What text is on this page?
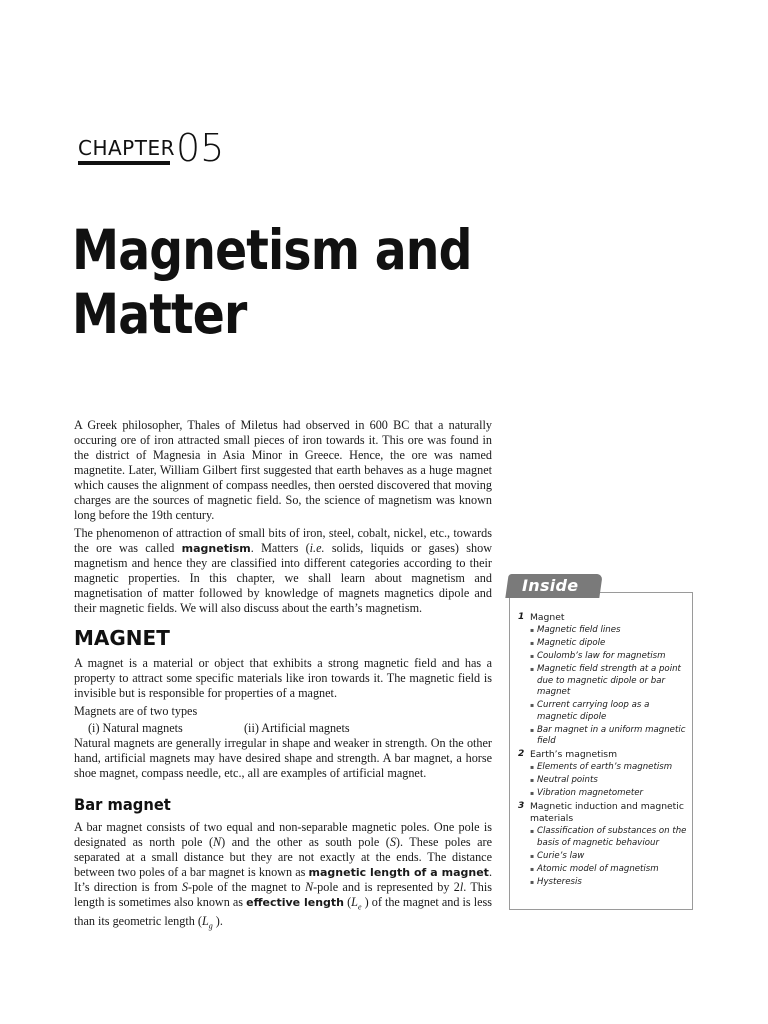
CHAPTER 05
Magnetism and
Matter

A Greek philosopher, Thales of Miletus had observed in 600 BC that a naturally occuring ore of iron attracted small pieces of iron towards it. This ore was found in the district of Magnesia in Asia Minor in Greece. Hence, the ore was named magnetite. Later, William Gilbert first suggested that earth behaves as a huge magnet which causes the alignment of compass needles, then oersted discovered that moving charges are the sources of magnetic field. So, the science of magnetism was known long before the 19th century.

The phenomenon of attraction of small bits of iron, steel, cobalt, nickel, etc., towards the ore was called magnetism. Matters (i.e. solids, liquids or gases) show magnetism and hence they are classified into different categories according to their magnetic properties. In this chapter, we shall learn about magnetism and magnetisation of matter followed by knowledge of magnets magnetics dipole and their magnetic fields. We will also discuss about the earth’s magnetism.

MAGNET

A magnet is a material or object that exhibits a strong magnetic field and has a property to attract some specific materials like iron towards it. The magnetic field is invisible but is responsible for properties of a magnet.

Magnets are of two types

(i) Natural magnets	(ii) Artificial magnets

Natural magnets are generally irregular in shape and weaker in strength. On the other hand, artificial magnets may have desired shape and strength. A bar magnet, a horse shoe magnet, compass needle, etc., all are examples of artificial magnet.

Bar magnet

A bar magnet consists of two equal and non-separable magnetic poles. One pole is designated as north pole (N) and the other as south pole (S). These poles are separated at a small distance but they are not exactly at the ends. The distance between two poles of a bar magnet is known as magnetic length of a magnet. It’s direction is from S-pole of the magnet to N-pole and is represented by 2l. This length is sometimes also known as effective length ($L_e$ ) of the magnet and is less than its geometric length ($L_g$ ).

Inside
1 Magnet
▪ Magnetic field lines
▪ Magnetic dipole
▪ Coulomb’s law for magnetism
▪ Magnetic field strength at a point due to magnetic dipole or bar magnet
▪ Current carrying loop as a magnetic dipole
▪ Bar magnet in a uniform magnetic field
2 Earth’s magnetism
▪ Elements of earth’s magnetism
▪ Neutral points
▪ Vibration magnetometer
3 Magnetic induction and magnetic materials
▪ Classification of substances on the basis of magnetic behaviour
▪ Curie’s law
▪ Atomic model of magnetism
▪ Hysteresis
